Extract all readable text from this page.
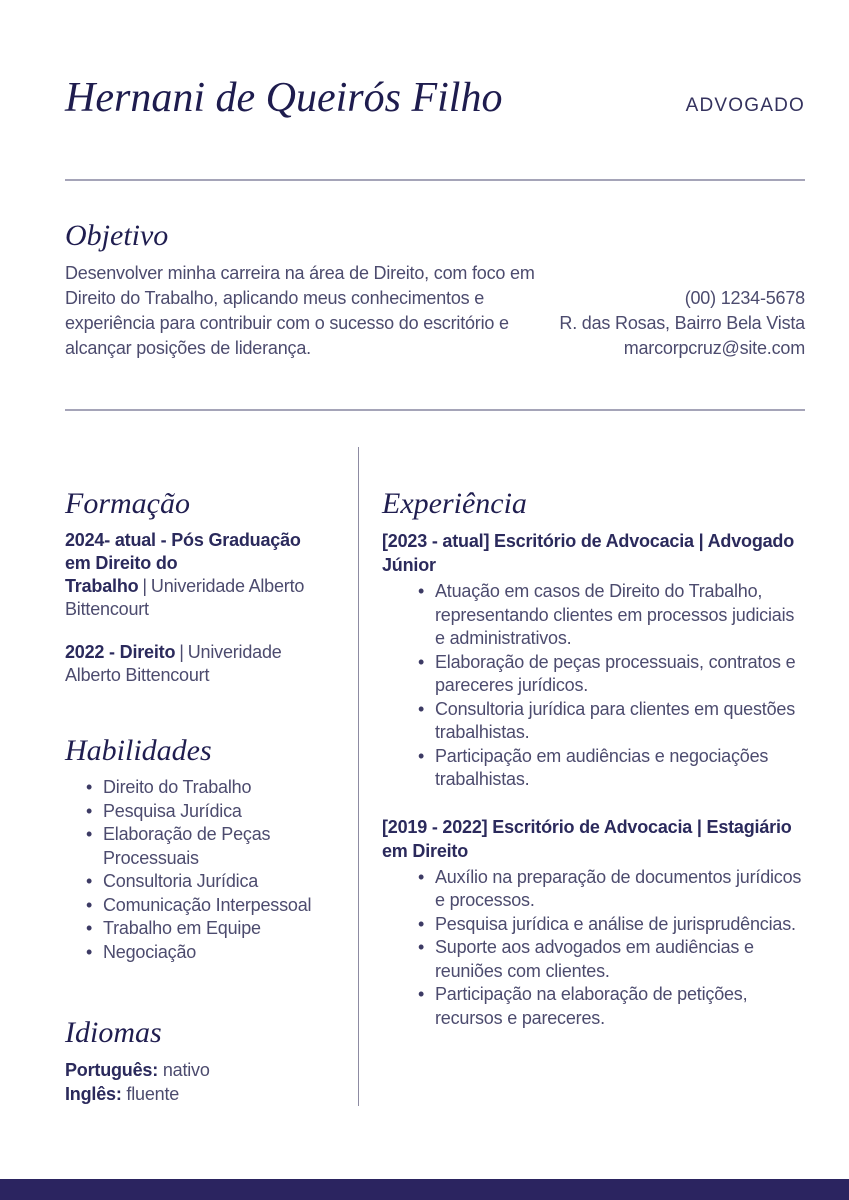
Hernani de Queirós Filho	ADVOGADO
Objetivo
Desenvolver minha carreira na área de Direito, com foco em Direito do Trabalho, aplicando meus conhecimentos e experiência para contribuir com o sucesso do escritório e alcançar posições de liderança.
(00) 1234-5678
R. das Rosas, Bairro Bela Vista
marcorpcruz@site.com
Formação
2024- atual - Pós Graduação em Direito do Trabalho | Univeridade Alberto Bittencourt
2022 - Direito | Univeridade Alberto Bittencourt
Habilidades
• Direito do Trabalho
• Pesquisa Jurídica
• Elaboração de Peças Processuais
• Consultoria Jurídica
• Comunicação Interpessoal
• Trabalho em Equipe
• Negociação
Idiomas
Português: nativo
Inglês: fluente
Experiência
[2023 - atual] Escritório de Advocacia | Advogado Júnior
• Atuação em casos de Direito do Trabalho, representando clientes em processos judiciais e administrativos.
• Elaboração de peças processuais, contratos e pareceres jurídicos.
• Consultoria jurídica para clientes em questões trabalhistas.
• Participação em audiências e negociações trabalhistas.
[2019 - 2022] Escritório de Advocacia | Estagiário em Direito
• Auxílio na preparação de documentos jurídicos e processos.
• Pesquisa jurídica e análise de jurisprudências.
• Suporte aos advogados em audiências e reuniões com clientes.
• Participação na elaboração de petições, recursos e pareceres.
